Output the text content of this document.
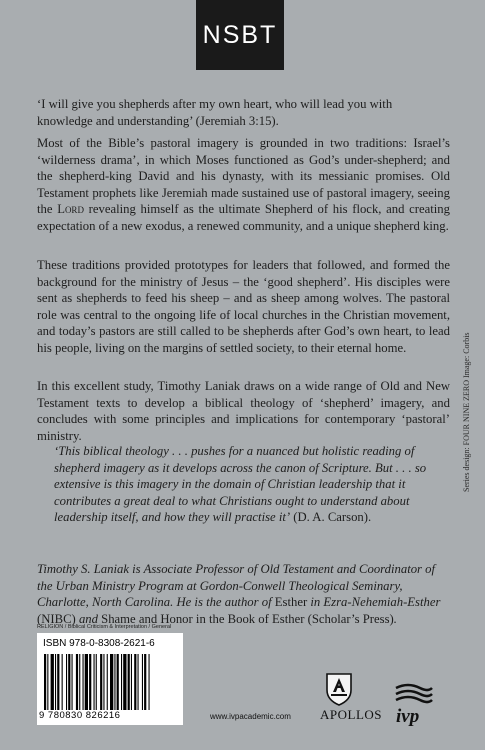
NSBT
‘I will give you shepherds after my own heart, who will lead you with knowledge and understanding’ (Jeremiah 3:15).
Most of the Bible’s pastoral imagery is grounded in two traditions: Israel’s ‘wilderness drama’, in which Moses functioned as God’s under-shepherd; and the shepherd-king David and his dynasty, with its messianic promises. Old Testament prophets like Jeremiah made sustained use of pastoral imagery, seeing the Lord revealing himself as the ultimate Shepherd of his flock, and creating expectation of a new exodus, a renewed community, and a unique shepherd king.
These traditions provided prototypes for leaders that followed, and formed the background for the ministry of Jesus – the ‘good shepherd’. His disciples were sent as shepherds to feed his sheep – and as sheep among wolves. The pastoral role was central to the ongoing life of local churches in the Christian movement, and today’s pastors are still called to be shepherds after God’s own heart, to lead his people, living on the margins of settled society, to their eternal home.
In this excellent study, Timothy Laniak draws on a wide range of Old and New Testament texts to develop a biblical theology of ‘shepherd’ imagery, and concludes with some principles and implications for contemporary ‘pastoral’ ministry.
‘This biblical theology . . . pushes for a nuanced but holistic reading of shepherd imagery as it develops across the canon of Scripture. But . . . so extensive is this imagery in the domain of Christian leadership that it contributes a great deal to what Christians ought to understand about leadership itself, and how they will practise it’ (D. A. Carson).
Timothy S. Laniak is Associate Professor of Old Testament and Coordinator of the Urban Ministry Program at Gordon-Conwell Theological Seminary, Charlotte, North Carolina. He is the author of Esther in Ezra-Nehemiah-Esther (NIBC) and Shame and Honor in the Book of Esther (Scholar’s Press).
Series design: FOUR NINE ZERO Image: Corbis
RELIGION / Biblical Criticism & Interpretation / General
ISBN 978-0-8308-2621-6
9 780830 826216	www.ivpacademic.com APOLLOS ivp
